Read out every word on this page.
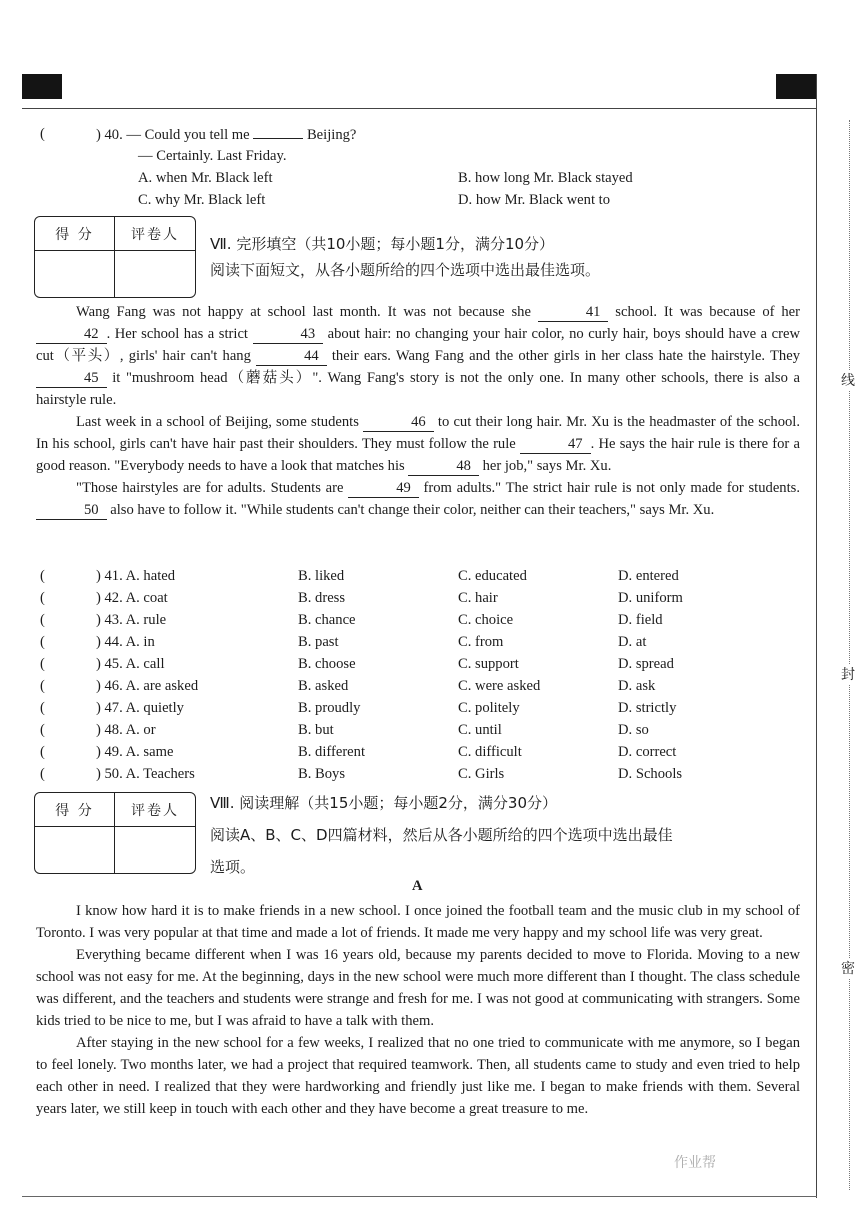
线
封
密
(	) 40. — Could you tell me	Beijing?
— Certainly. Last Friday.
A. when Mr. Black left	B. how long Mr. Black stayed
C. why Mr. Black left	D. how Mr. Black went to
得 分	评卷人
Ⅶ. 完形填空（共10小题；每小题1分，满分10分）
阅读下面短文，从各小题所给的四个选项中选出最佳选项。

Wang Fang was not happy at school last month. It was not because she	41 school. It was because of her 42 . Her school has a strict	43 about hair: no changing your hair color, no curly hair, boys should have a crew cut（平头）, girls' hair can't hang	44 their ears. Wang Fang and the other girls in her class hate the hairstyle. They 45 it "mushroom head（蘑菇头）". Wang Fang's story is not the only one. In many other schools, there is also a hairstyle rule.

Last week in a school of Beijing, some students	46 to cut their long hair. Mr. Xu is the headmaster of the school. In his school, girls can't have hair past their shoulders. They must follow the rule	47 . He says the hair rule is there for a good reason. "Everybody needs to have a look that matches his	48 her job," says Mr. Xu.

"Those hairstyles are for adults. Students are	49 from adults." The strict hair rule is not only made for students. 50 also have to follow it. "While students can't change their color, neither can their teachers," says Mr. Xu.

(	) 41. A. hated	B. liked	C. educated	D. entered
(	) 42. A. coat	B. dress	C. hair	D. uniform
(	) 43. A. rule	B. chance	C. choice	D. field
(	) 44. A. in	B. past	C. from	D. at
(	) 45. A. call	B. choose	C. support	D. spread
(	) 46. A. are asked	B. asked	C. were asked	D. ask
(	) 47. A. quietly	B. proudly	C. politely	D. strictly
(	) 48. A. or	B. but	C. until	D. so
(	) 49. A. same	B. different	C. difficult	D. correct
(	) 50. A. Teachers	B. Boys	C. Girls	D. Schools
得 分	评卷人	Ⅷ. 阅读理解（共15小题；每小题2分，满分30分）
阅读A、B、C、D四篇材料，然后从各小题所给的四个选项中选出最佳
选项。
A

I know how hard it is to make friends in a new school. I once joined the football team and the music club in my school of Toronto. I was very popular at that time and made a lot of friends. It made me very happy and my school life was very great.

Everything became different when I was 16 years old, because my parents decided to move to Florida. Moving to a new school was not easy for me. At the beginning, days in the new school were much more different than I thought. The class schedule was different, and the teachers and students were strange and fresh for me. I was not good at communicating with strangers. Some kids tried to be nice to me, but I was afraid to have a talk with them.

After staying in the new school for a few weeks, I realized that no one tried to communicate with me anymore, so I began to feel lonely. Two months later, we had a project that required teamwork. Then, all students came to study and even tried to help each other in need. I realized that they were hardworking and friendly just like me. I began to make friends with them. Several years later, we still keep in touch with each other and they have become a great treasure to me.

作业帮
